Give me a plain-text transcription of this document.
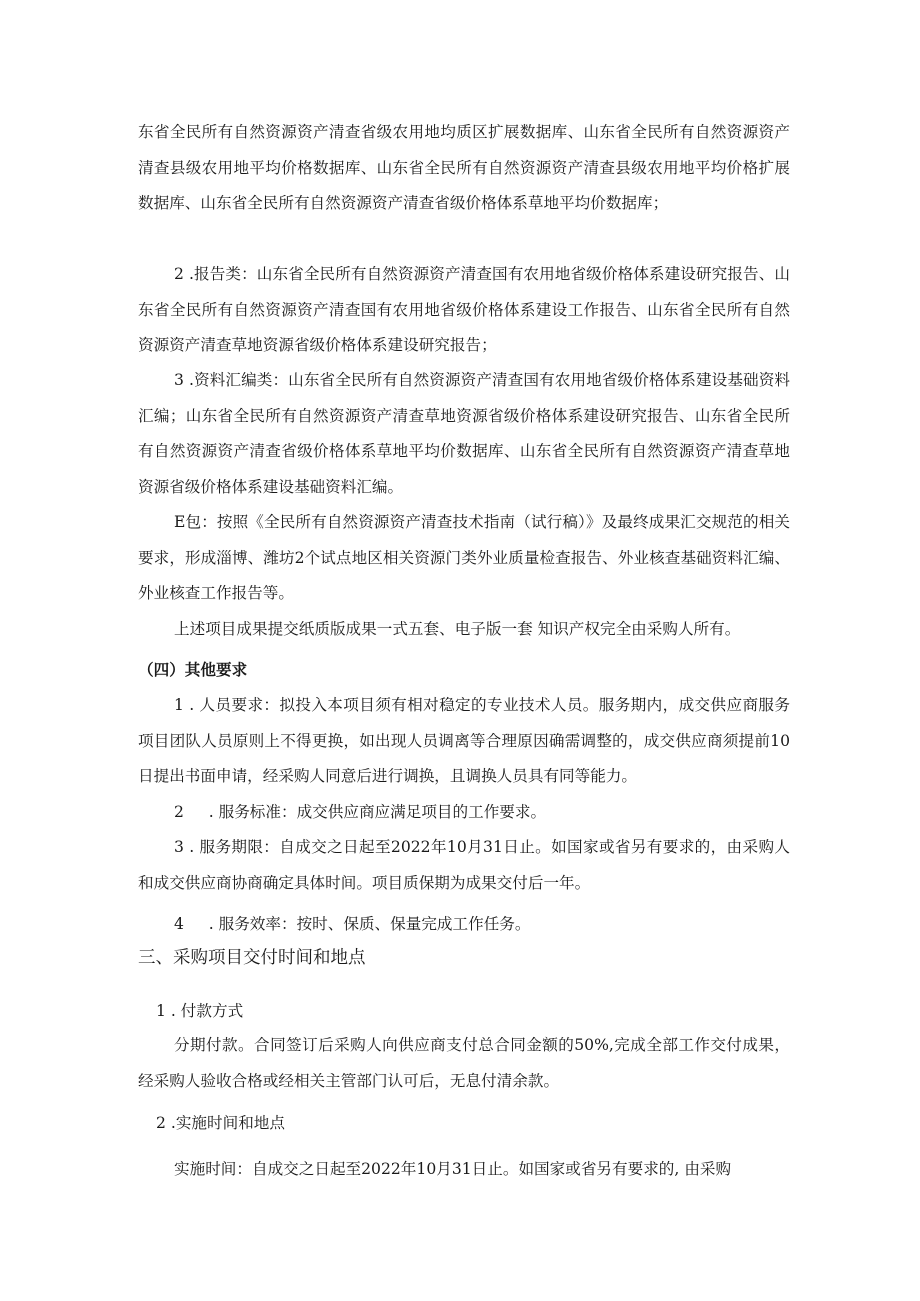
东省全民所有自然资源资产清查省级农用地均质区扩展数据库、山东省全民所有自然资源资产清查县级农用地平均价格数据库、山东省全民所有自然资源资产清查县级农用地平均价格扩展数据库、山东省全民所有自然资源资产清查省级价格体系草地平均价数据库；

2 .报告类：山东省全民所有自然资源资产清查国有农用地省级价格体系建设研究报告、山东省全民所有自然资源资产清查国有农用地省级价格体系建设工作报告、山东省全民所有自然资源资产清查草地资源省级价格体系建设研究报告；

3 .资料汇编类：山东省全民所有自然资源资产清查国有农用地省级价格体系建设基础资料汇编；山东省全民所有自然资源资产清查草地资源省级价格体系建设研究报告、山东省全民所有自然资源资产清查省级价格体系草地平均价数据库、山东省全民所有自然资源资产清查草地资源省级价格体系建设基础资料汇编。

E包：按照《全民所有自然资源资产清查技术指南（试行稿）》及最终成果汇交规范的相关要求，形成淄博、潍坊2个试点地区相关资源门类外业质量检查报告、外业核查基础资料汇编、外业核查工作报告等。

上述项目成果提交纸质版成果一式五套、电子版一套 知识产权完全由采购人所有。

（四）其他要求

1 . 人员要求：拟投入本项目须有相对稳定的专业技术人员。服务期内，成交供应商服务项目团队人员原则上不得更换，如出现人员调离等合理原因确需调整的，成交供应商须提前10日提出书面申请，经采购人同意后进行调换，且调换人员具有同等能力。

2     . 服务标准：成交供应商应满足项目的工作要求。

3 . 服务期限：自成交之日起至2022年10月31日止。如国家或省另有要求的，由采购人和成交供应商协商确定具体时间。项目质保期为成果交付后一年。

4     . 服务效率：按时、保质、保量完成工作任务。

三、采购项目交付时间和地点

1 . 付款方式

分期付款。合同签订后采购人向供应商支付总合同金额的50%,完成全部工作交付成果，经采购人验收合格或经相关主管部门认可后，无息付清余款。

2 .实施时间和地点

实施时间：自成交之日起至2022年10月31日止。如国家或省另有要求的, 由采购
